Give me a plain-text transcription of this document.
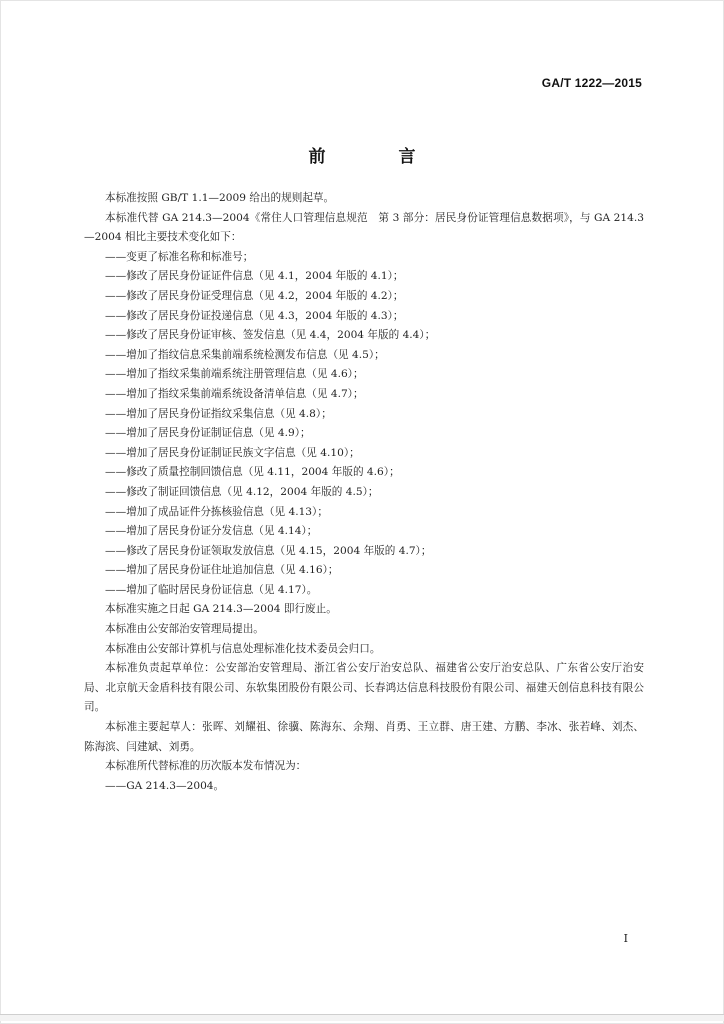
GA/T 1222—2015
前　言
本标准按照 GB/T 1.1—2009 给出的规则起草。
本标准代替 GA 214.3—2004《常住人口管理信息规范　第 3 部分：居民身份证管理信息数据项》，与 GA 214.3—2004 相比主要技术变化如下：
——变更了标准名称和标准号；
——修改了居民身份证证件信息（见 4.1，2004 年版的 4.1）；
——修改了居民身份证受理信息（见 4.2，2004 年版的 4.2）；
——修改了居民身份证投递信息（见 4.3，2004 年版的 4.3）；
——修改了居民身份证审核、签发信息（见 4.4，2004 年版的 4.4）；
——增加了指纹信息采集前端系统检测发布信息（见 4.5）；
——增加了指纹采集前端系统注册管理信息（见 4.6）；
——增加了指纹采集前端系统设备清单信息（见 4.7）；
——增加了居民身份证指纹采集信息（见 4.8）；
——增加了居民身份证制证信息（见 4.9）；
——增加了居民身份证制证民族文字信息（见 4.10）；
——修改了质量控制回馈信息（见 4.11，2004 年版的 4.6）；
——修改了制证回馈信息（见 4.12，2004 年版的 4.5）；
——增加了成品证件分拣核验信息（见 4.13）；
——增加了居民身份证分发信息（见 4.14）；
——修改了居民身份证领取发放信息（见 4.15，2004 年版的 4.7）；
——增加了居民身份证住址追加信息（见 4.16）；
——增加了临时居民身份证信息（见 4.17）。
本标准实施之日起 GA 214.3—2004 即行废止。
本标准由公安部治安管理局提出。
本标准由公安部计算机与信息处理标准化技术委员会归口。
本标准负责起草单位：公安部治安管理局、浙江省公安厅治安总队、福建省公安厅治安总队、广东省公安厅治安局、北京航天金盾科技有限公司、东软集团股份有限公司、长春鸿达信息科技股份有限公司、福建天创信息科技有限公司。
本标准主要起草人：张晖、刘耀祖、徐骥、陈海东、余翔、肖勇、王立群、唐王建、方鹏、李冰、张若峰、刘杰、陈海滨、闫建斌、刘勇。
本标准所代替标准的历次版本发布情况为：
——GA 214.3—2004。
I
